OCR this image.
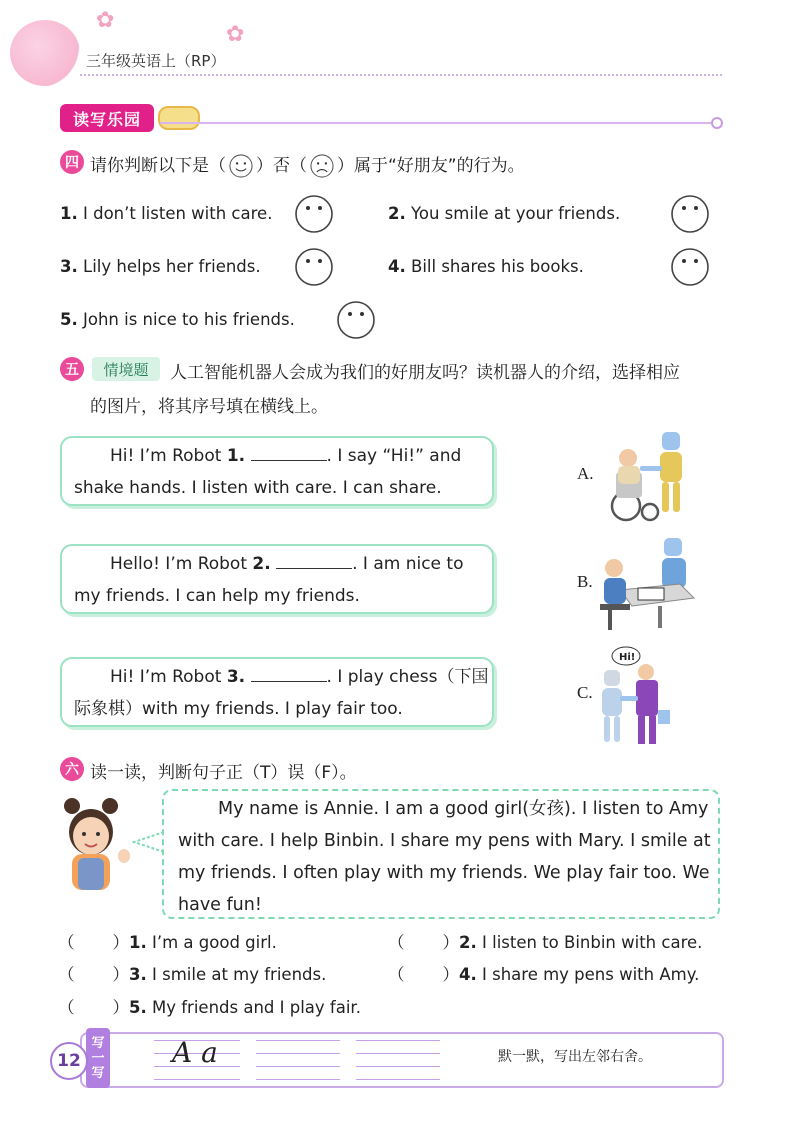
✿
✿
三年级英语上（RP）
读写乐园
四 请你判断以下是（ ）否（ ）属于“好朋友”的行为。
1. I don’t listen with care.	2. You smile at your friends.
3. Lily helps her friends.	4. Bill shares his books.
5. John is nice to his friends.
五	情境题	人工智能机器人会成为我们的好朋友吗？读机器人的介绍，选择相应
的图片，将其序号填在横线上。
Hi! I’m Robot 1.	. I say “Hi!” and
shake hands. I listen with care. I can share.
Hello! I’m Robot 2.	. I am nice to
my friends. I can help my friends.
Hi! I’m Robot 3.	. I play chess（下国
际象棋）with my friends. I play fair too.
A.
B.
C.
Hi!
六 读一读，判断句子正（T）误（F）。
My name is Annie. I am a good girl(女孩). I listen to Amy
with care. I help Binbin. I share my pens with Mary. I smile at
my friends. I often play with my friends. We play fair too. We
have fun!
（ ）1. I’m a good girl.	（ ）2. I listen to Binbin with care.
（ ）3. I smile at my friends.	（ ）4. I share my pens with Amy.
（ ）5. My friends and I play fair.
写
一
写
12	A a	默一默，写出左邻右舍。
